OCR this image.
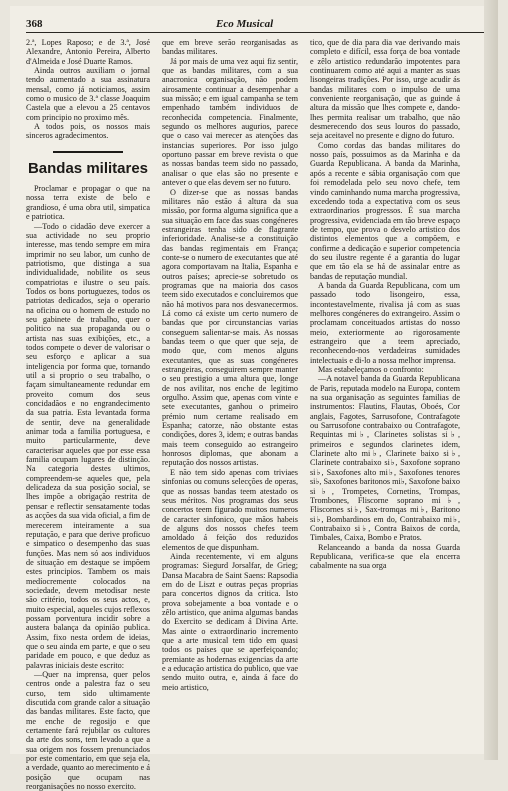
368	Eco Musical

2.ª, Lopes Raposo; e de 3.ª, José Alexandre, Antonio Pereira, Alberto d'Almeida e José Duarte Ramos.

Ainda outros auxiliam o jornal tendo aumentado a sua assinatura mensal, como já noticiamos, assim como o musico de 3.ª classe Joaquim Castela que a elevou a 25 centavos com principio no proximo mês.

A todos pois, os nossos mais sinceros agradecimentos.

Bandas militares

Proclamar e propagar o que na nossa terra existe de belo e grandioso, é uma obra util, simpatica e patriotica.

—Todo o cidadão deve exercer a sua actividade no seu proprio interesse, mas tendo sempre em mira imprimir no seu labor, um cunho de patriotismo, que distinga a sua individualidade, nobilite os seus compatriotas e ilustre o seu país. Todos os bons portuguezes, todos os patriotas dedicados, seja o operario na oficina ou o homem de estudo no seu gabinete de trabalho, quer o politico na sua propaganda ou o artista nas suas exibições, etc., a todos compete o dever de valorisar o seu esforço e aplicar a sua inteligencia por forma que, tornando util a si proprio o seu trabalho, o façam simultaneamente redundar em proveito comum dos seus concidadãos e no engrandecimento da sua patria. Esta levantada forma de sentir, deve na generalidade animar toda a familia portuguesa, e muito particularmente, deve caracterisar aqueles que por esse essa familia ocupam lugares de distinção. Na categoria destes ultimos, compreendem-se aqueles que, pela delicadeza da sua posição social, se lhes impõe a obrigação restrita de pensar e reflectir sensatamente todas as acções da sua vida oficial, a fim de merecerem inteiramente a sua reputação, e para que derive proficuo e simpatico o desempenho das suas funções. Mas nem só aos individuos de situação em destaque se impõem estes principios. Tambem os mais medíocremente colocados na sociedade, devem metodisar neste são critério, todos os seus actos, e, muito especial, aqueles cujos reflexos possam porventura incidir sobre a austera balança da opinião publica. Assim, fixo nesta ordem de ideias, que o seu ainda em parte, e que o seu paridade em pouco, e que deduz as palavras iniciais deste escrito:

—Quer na imprensa, quer pelos centros onde a palestra faz o seu curso, tem sido ultimamente discutida com grande calor a situação das bandas militares. Este facto, que me enche de regosijo e que certamente fará rejubilar os cultores da arte dos sons, tem levado a que a sua origem nos fossem prenunciados por este comentario, em que seja ela, a verdade, quanto ao merecimento e á posição que ocupam nas reorganisações no nosso exercito.

que em breve serão reorganisadas as bandas militares.

Já por mais de uma vez aqui fiz sentir, que as bandas militares, com a sua anacronica organisação, não podem airosamente continuar a desempenhar a sua missão; e em igual campanha se tem empenhado também individuos de reconhecida competencia. Finalmente, segundo os melhores augurios, parece que o caso vai merecer as atenções das instancias superiores. Por isso julgo oportuno passar em breve revista o que as nossas bandas teem sido no passado, analisar o que elas são no presente e antever o que elas devem ser no futuro.

O dizer-se que as nossas bandas militares não estão á altura da sua missão, por forma alguma significa que a sua situação em face das suas congéneres estrangeiras tenha sido de flagrante inferioridade. Analise-se a constituição das bandas regimentais em França; conte-se o numero de executantes que até agora comportavam na Italia, Espanha e outros países; aprecie-se sobretudo os programas que na maioria dos casos teem sido executados e concluiremos que não há motivos para nos desvanecermos. Lá como cá existe um certo numero de bandas que por circunstancias varias conseguem salientar-se mais. As nossas bandas teem o que quer que seja, de modo que, com menos alguns executantes, que as suas congéneres estrangeiras, conseguirem sempre manter o seu prestigio a uma altura que, longe de nos avilitar, nos enche de legitimo orgulho. Assim que, apenas com vinte e sete executantes, ganhou o primeiro prémio num certame realisado em Espanha; catorze, não obstante estas condições, dores 3, idem; e outras bandas mais teem conseguido ao estrangeiro honrosos diplomas, que abonam a reputação dos nossos artistas.

E não tem sido apenas com triviaes sinfonias ou comuns selecções de operas, que as nossas bandas teem atestado os seus méritos. Nos programas dos seus concertos teem figurado muitos numeros de caracter sinfonico, que mãos habeis de alguns dos nossos chefes teem amoldado á feição dos reduzidos elementos de que dispunham.

Ainda recentemente, vi em alguns programas: Siegurd Jorsalfar, de Grieg; Dansa Macabra de Saint Saens: Rapsodia em do de Liszt e outras peças proprias para concertos dignos da critica. Isto prova sobejamente a boa vontade e o zêlo artistico, que anima algumas bandas do Exercito se dedicam á Divina Arte. Mas ainte o extraordinario incremento que a arte musical tem tido em quasi todos os países que se aperfeiçoando; premiante as hodernas exigencias da arte e a educação artistica do publico, que vae sendo muito outra, e, ainda á face do meio artistico,

tico, que de dia para dia vae derivando mais completo e difícil, essa força de boa vontade e zêlo artistico redundarão impotentes para continuarem como até aqui a manter as suas lisongeiras tradições. Por isso, urge acudir ás bandas militares com o impulso de uma conveniente reorganisação, que as guinde á altura da missão que lhes compete e, dando-lhes permita realisar um trabalho, que não desmerecendo dos seus louros do passado, seja aceitavel no presente e digno do futuro.

Como cordas das bandas militares do nosso país, possuimos as da Marinha e da Guarda Republicana. A banda da Marinha, após a recente e sábia organisação com que foi remodelada pelo seu novo chefe, tem vindo caminhando numa marcha progressiva, excedendo toda a expectativa com os seus extraordinarios progressos. É sua marcha progressiva, evidenciada em tão breve espaço de tempo, que prova o desvelo artistico dos distintos elementos que a compõem, e confirme a dedicação e superior competencia do seu ilustre regente é a garantia do lugar que em tão ela se há de assinalar entre as bandas de reputação mundial.

A banda da Guarda Republicana, com um passado todo lisongeiro, essa, incontestavelmente, rivalisa já com as suas melhores congéneres do extrangeiro. Assim o proclamam conceituados artistas do nosso meio, exteriormente ao rigorosamente estrangeiro que a teem apreciado, reconhecendo-nos verdadeiras sumidades intelectuais e di-lo a nossa melhor imprensa.

Mas estabeleçamos o confronto:

—A notavel banda da Guarda Republicana de Paris, reputada modelo na Europa, contem na sua organisação as seguintes familias de instrumentos: Flautins, Flautas, Oboés, Cor anglais, Fagotes, Sarrusofone, Contrafagote ou Sarrusofone contrabaixo ou Contrafagote, Requintas mi♭, Clarinetes solistas si♭, primeiros e segundos clarinetes idem, Clarinete alto mi♭, Clarinete baixo si♭, Clarinete contrabaixo si♭, Saxofone soprano si♭, Saxofones alto mi♭, Saxofones tenores si♭, Saxofones baritonos mi♭, Saxofone baixo si♭, Trompetes, Cornetins, Trompas, Trombones, Fliscorne soprano mi♭, Fliscornes si♭, Sax-tromqas mi♭, Baritono si♭, Bombardinos em do, Contrabaixo mi♭, Contrabaixo si♭, Contra Baixos de corda, Timbales, Caixa, Bombo e Pratos.

Relanceando a banda da nossa Guarda Republicana, verifica-se que ela encerra cabalmente na sua orga
